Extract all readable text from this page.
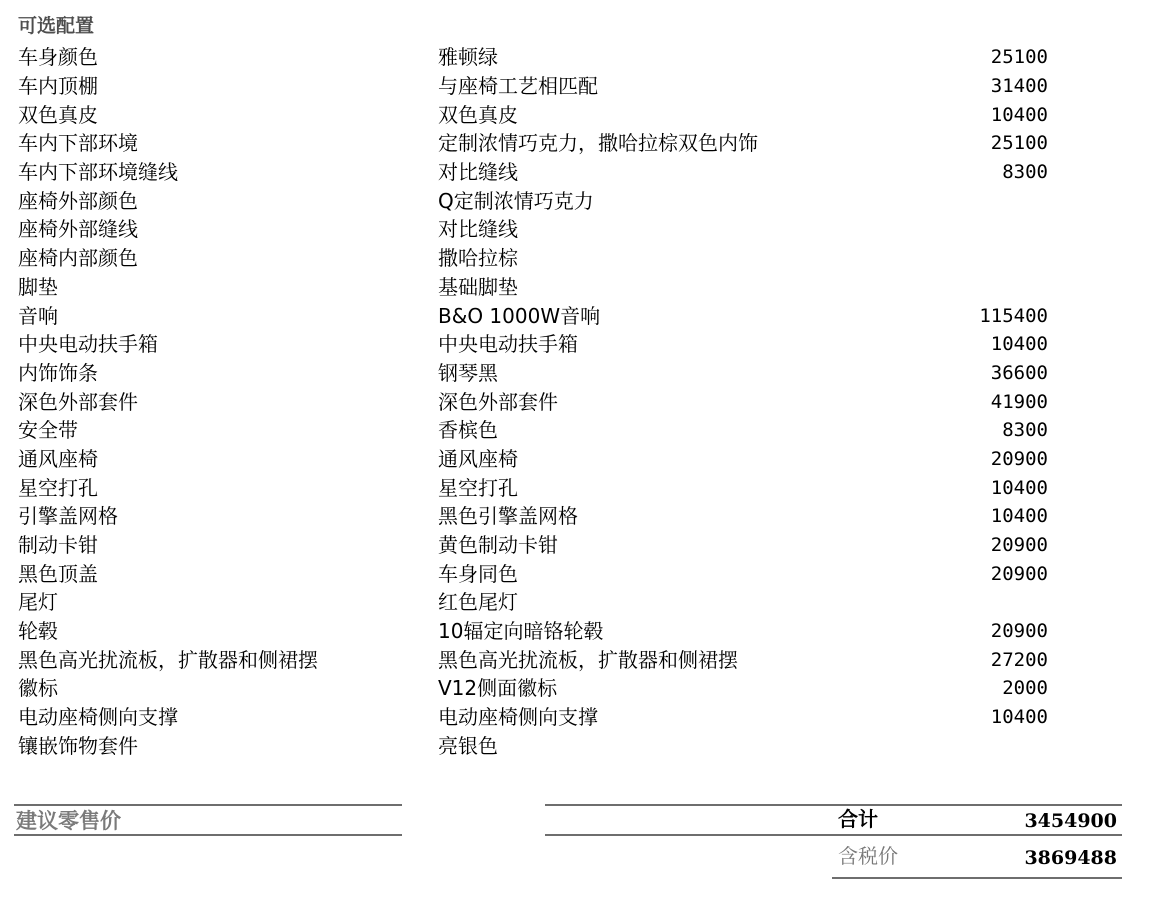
可选配置
车身颜色	雅顿绿	25100
车内顶棚	与座椅工艺相匹配	31400
双色真皮	双色真皮	10400
车内下部环境	定制浓情巧克力，撒哈拉棕双色内饰	25100
车内下部环境缝线	对比缝线	8300
座椅外部颜色	Q定制浓情巧克力
座椅外部缝线	对比缝线
座椅内部颜色	撒哈拉棕
脚垫	基础脚垫
音响	B&O 1000W音响	115400
中央电动扶手箱	中央电动扶手箱	10400
内饰饰条	钢琴黑	36600
深色外部套件	深色外部套件	41900
安全带	香槟色	8300
通风座椅	通风座椅	20900
星空打孔	星空打孔	10400
引擎盖网格	黑色引擎盖网格	10400
制动卡钳	黄色制动卡钳	20900
黑色顶盖	车身同色	20900
尾灯	红色尾灯
轮毂	10辐定向暗铬轮毂	20900
黑色高光扰流板，扩散器和侧裙摆	黑色高光扰流板，扩散器和侧裙摆	27200
徽标	V12侧面徽标	2000
电动座椅侧向支撑	电动座椅侧向支撑	10400
镶嵌饰物套件	亮银色
建议零售价	合计	3454900
含税价	3869488
